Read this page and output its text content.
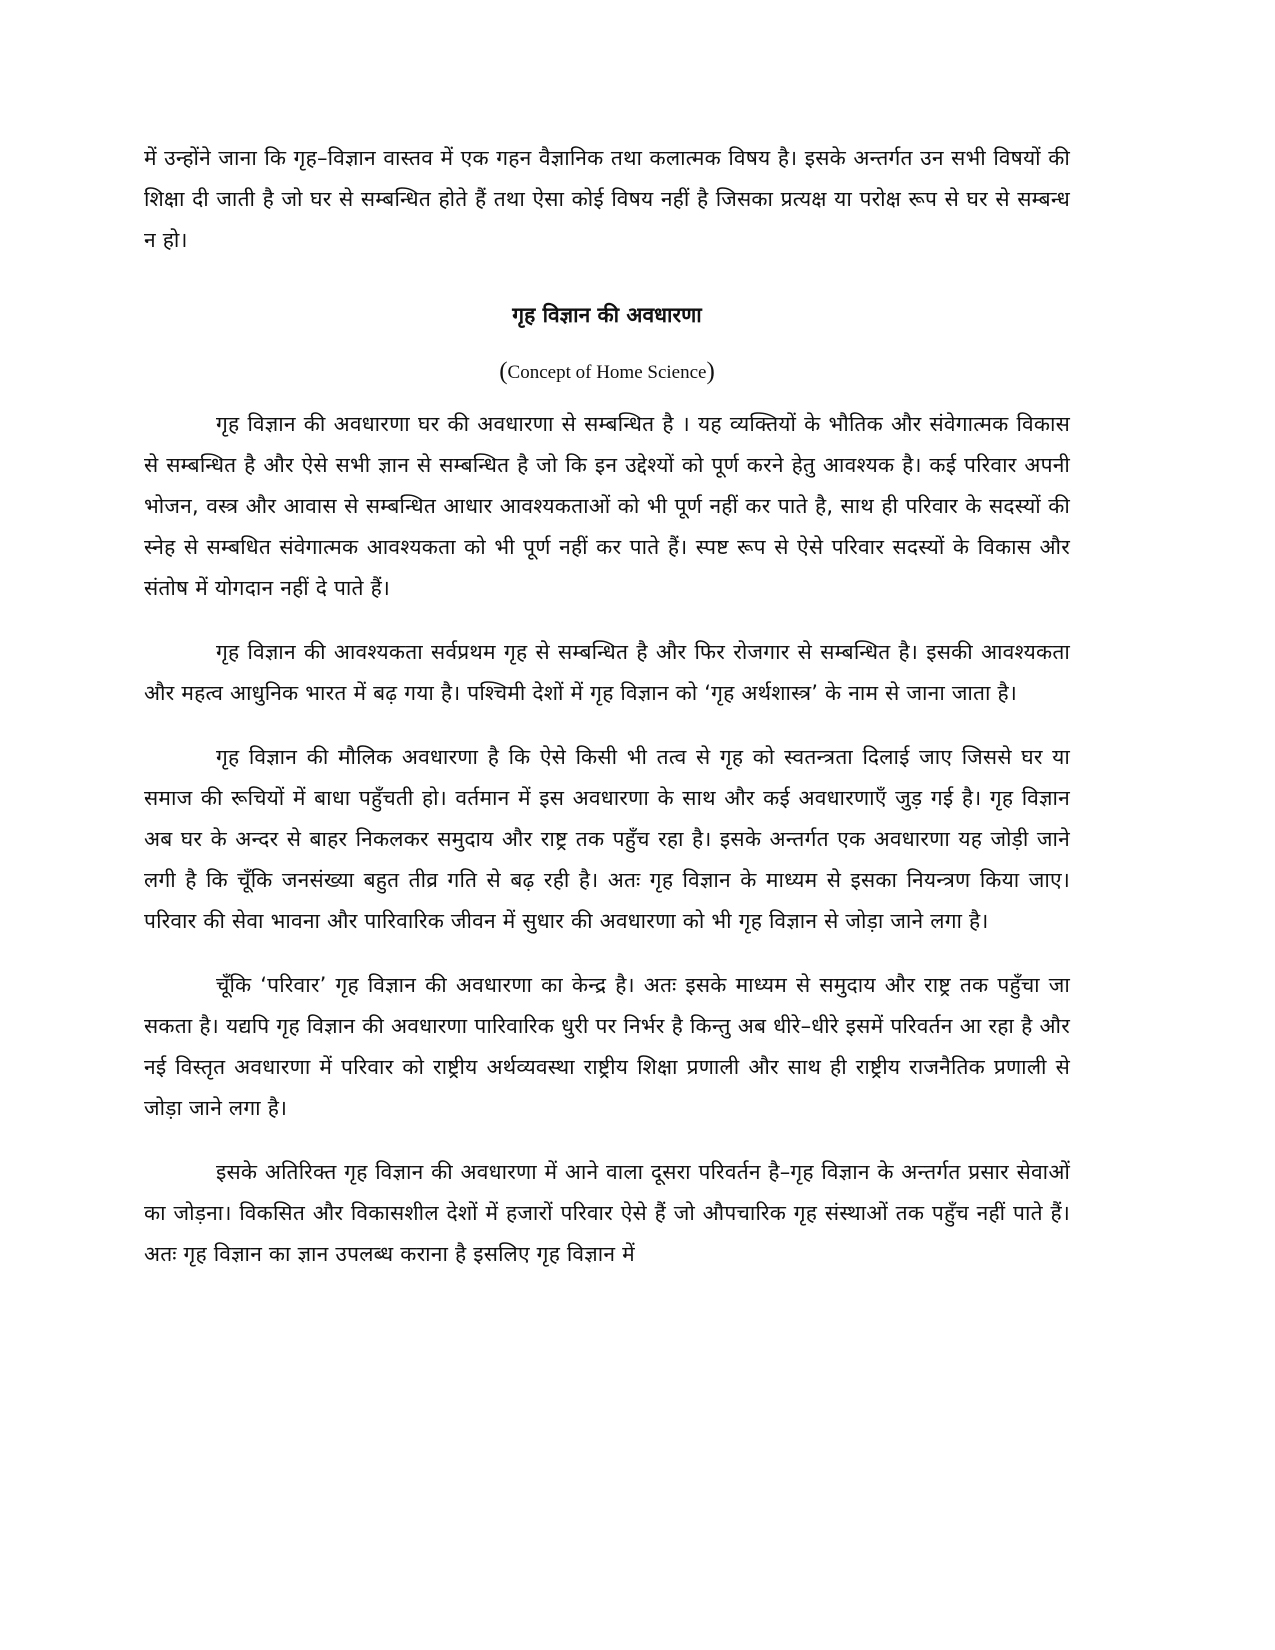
में उन्होंने जाना कि गृह–विज्ञान वास्तव में एक गहन वैज्ञानिक तथा कलात्मक विषय है। इसके अन्तर्गत उन सभी विषयों की शिक्षा दी जाती है जो घर से सम्बन्धित होते हैं तथा ऐसा कोई विषय नहीं है जिसका प्रत्यक्ष या परोक्ष रूप से घर से सम्बन्ध न हो।

गृह विज्ञान की अवधारणा
(Concept of Home Science)

गृह विज्ञान की अवधारणा घर की अवधारणा से सम्बन्धित है । यह व्यक्तियों के भौतिक और संवेगात्मक विकास से सम्बन्धित है और ऐसे सभी ज्ञान से सम्बन्धित है जो कि इन उद्देश्यों को पूर्ण करने हेतु आवश्यक है। कई परिवार अपनी भोजन, वस्त्र और आवास से सम्बन्धित आधार आवश्यकताओं को भी पूर्ण नहीं कर पाते है, साथ ही परिवार के सदस्यों की स्नेह से सम्बधित संवेगात्मक आवश्यकता को भी पूर्ण नहीं कर पाते हैं। स्पष्ट रूप से ऐसे परिवार सदस्यों के विकास और संतोष में योगदान नहीं दे पाते हैं।

गृह विज्ञान की आवश्यकता सर्वप्रथम गृह से सम्बन्धित है और फिर रोजगार से सम्बन्धित है। इसकी आवश्यकता और महत्व आधुनिक भारत में बढ़ गया है। पश्चिमी देशों में गृह विज्ञान को ‘गृह अर्थशास्त्र’ के नाम से जाना जाता है।

गृह विज्ञान की मौलिक अवधारणा है कि ऐसे किसी भी तत्व से गृह को स्वतन्त्रता दिलाई जाए जिससे घर या समाज की रूचियों में बाधा पहुँचती हो। वर्तमान में इस अवधारणा के साथ और कई अवधारणाऍं जुड़ गई है। गृह विज्ञान अब घर के अन्दर से बाहर निकलकर समुदाय और राष्ट्र तक पहुँच रहा है। इसके अन्तर्गत एक अवधारणा यह जोड़ी जाने लगी है कि चूँकि जनसंख्या बहुत तीव्र गति से बढ़ रही है। अतः गृह विज्ञान के माध्यम से इसका नियन्त्रण किया जाए। परिवार की सेवा भावना और पारिवारिक जीवन में सुधार की अवधारणा को भी गृह विज्ञान से जोड़ा जाने लगा है।

चूँकि ‘परिवार’ गृह विज्ञान की अवधारणा का केन्द्र है। अतः इसके माध्यम से समुदाय और राष्ट्र तक पहुँचा जा सकता है। यद्यपि गृह विज्ञान की अवधारणा पारिवारिक धुरी पर निर्भर है किन्तु अब धीरे–धीरे इसमें परिवर्तन आ रहा है और नई विस्तृत अवधारणा में परिवार को राष्ट्रीय अर्थव्यवस्था राष्ट्रीय शिक्षा प्रणाली और साथ ही राष्ट्रीय राजनैतिक प्रणाली से जोड़ा जाने लगा है।

इसके अतिरिक्त गृह विज्ञान की अवधारणा में आने वाला दूसरा परिवर्तन है–गृह विज्ञान के अन्तर्गत प्रसार सेवाओं का जोड़ना। विकसित और विकासशील देशों में हजारों परिवार ऐसे हैं जो औपचारिक गृह संस्थाओं तक पहुँच नहीं पाते हैं। अतः गृह विज्ञान का ज्ञान उपलब्ध कराना है इसलिए गृह विज्ञान में
